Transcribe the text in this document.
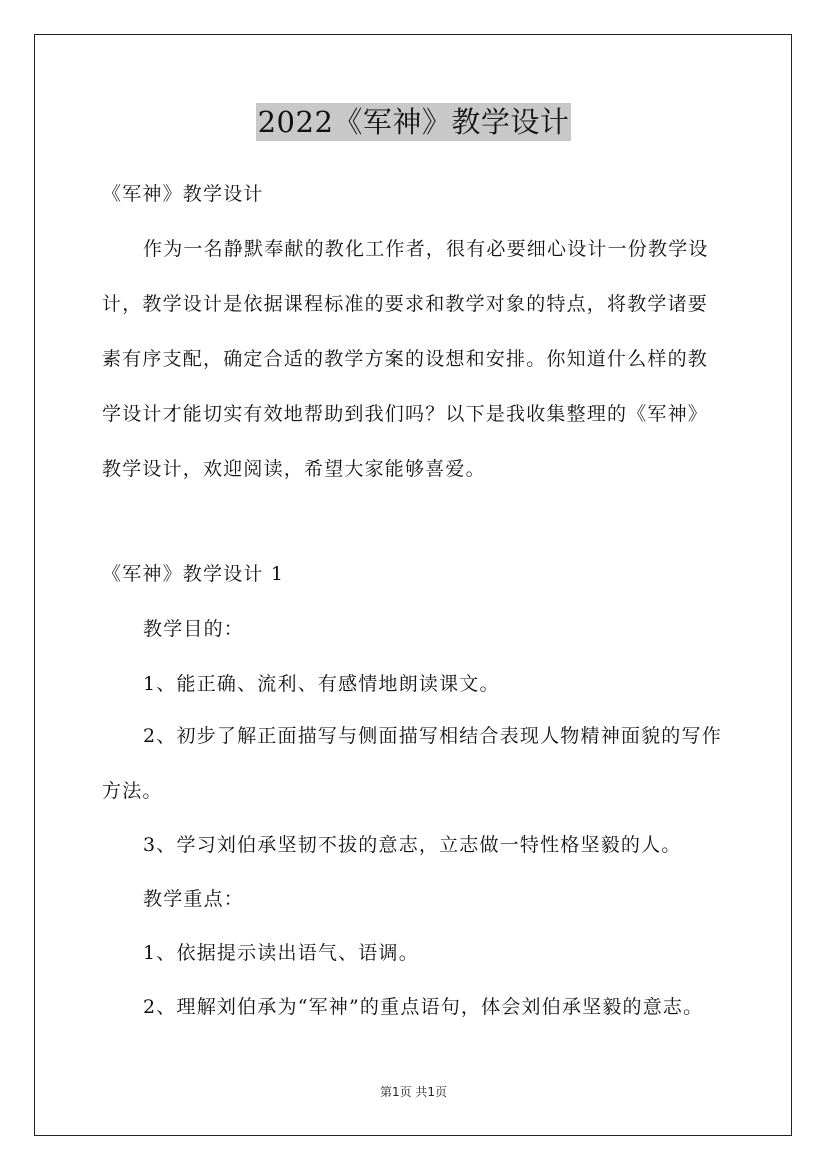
2022《军神》教学设计
《军神》教学设计
作为一名静默奉献的教化工作者，很有必要细心设计一份教学设
计，教学设计是依据课程标准的要求和教学对象的特点，将教学诸要
素有序支配，确定合适的教学方案的设想和安排。你知道什么样的教
学设计才能切实有效地帮助到我们吗？以下是我收集整理的《军神》
教学设计，欢迎阅读，希望大家能够喜爱。
《军神》教学设计 1
教学目的：
1、能正确、流利、有感情地朗读课文。
2、初步了解正面描写与侧面描写相结合表现人物精神面貌的写作
方法。
3、学习刘伯承坚韧不拔的意志，立志做一特性格坚毅的人。
教学重点：
1、依据提示读出语气、语调。
2、理解刘伯承为“军神”的重点语句，体会刘伯承坚毅的意志。
第1页 共1页
